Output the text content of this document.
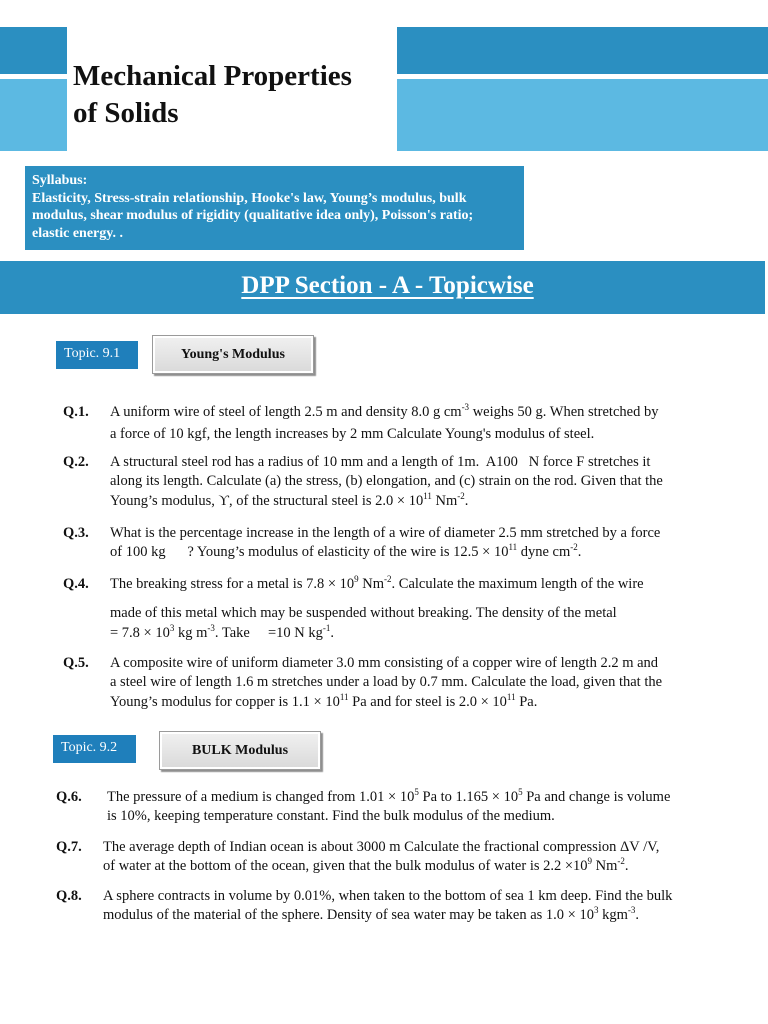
Mechanical Properties
of Solids
Syllabus:
Elasticity, Stress-strain relationship, Hooke's law, Young’s modulus, bulk
modulus, shear modulus of rigidity (qualitative idea only), Poisson's ratio;
elastic energy. .
DPP Section - A - Topicwise
Topic. 9.1	Young's Modulus
Q.1. A uniform wire of steel of length 2.5 m and density 8.0 g $cm^{-3}$ weighs 50 g. When stretched by
a force of 10 kgf, the length increases by 2 mm Calculate Young's modulus of steel.
Q.2. A structural steel rod has a radius of 10 mm and a length of 1m.  A100   N force F stretches it
along its length. Calculate (a) the stress, (b) elongation, and (c) strain on the rod. Given that the
Young’s modulus, ϒ, of the structural steel is $2.0 \times 10^{11}$ $Nm^{-2}$.
Q.3. What is the percentage increase in the length of a wire of diameter 2.5 mm stretched by a force
of 100 kg      ? Young’s modulus of elasticity of the wire is $12.5 \times 10^{11}$ dyne $cm^{-2}$.
Q.4. The breaking stress for a metal is $7.8 \times 10^9$ $Nm^{-2}$. Calculate the maximum length of the wire
made of this metal which may be suspended without breaking. The density of the metal
= $7.8 \times 10^3$ kg $m^{-3}$. Take     =10 N $kg^{-1}$.
Q.5. A composite wire of uniform diameter 3.0 mm consisting of a copper wire of length 2.2 m and
a steel wire of length 1.6 m stretches under a load by 0.7 mm. Calculate the load, given that the
Young’s modulus for copper is $1.1 \times 10^{11}$ Pa and for steel is $2.0 \times 10^{11}$ Pa.
Topic. 9.2	BULK Modulus
Q.6. The pressure of a medium is changed from $1.01 \times 10^5$ Pa to $1.165 \times 10^5$ Pa and change is volume
is 10%, keeping temperature constant. Find the bulk modulus of the medium.
Q.7. The average depth of Indian ocean is about 3000 m Calculate the fractional compression ΔV /V,
of water at the bottom of the ocean, given that the bulk modulus of water is $2.2 \times 10^9$ $Nm^{-2}$.
Q.8. A sphere contracts in volume by 0.01%, when taken to the bottom of sea 1 km deep. Find the bulk
modulus of the material of the sphere. Density of sea water may be taken as $1.0 \times 10^3$ kgm$^{-3}$.
